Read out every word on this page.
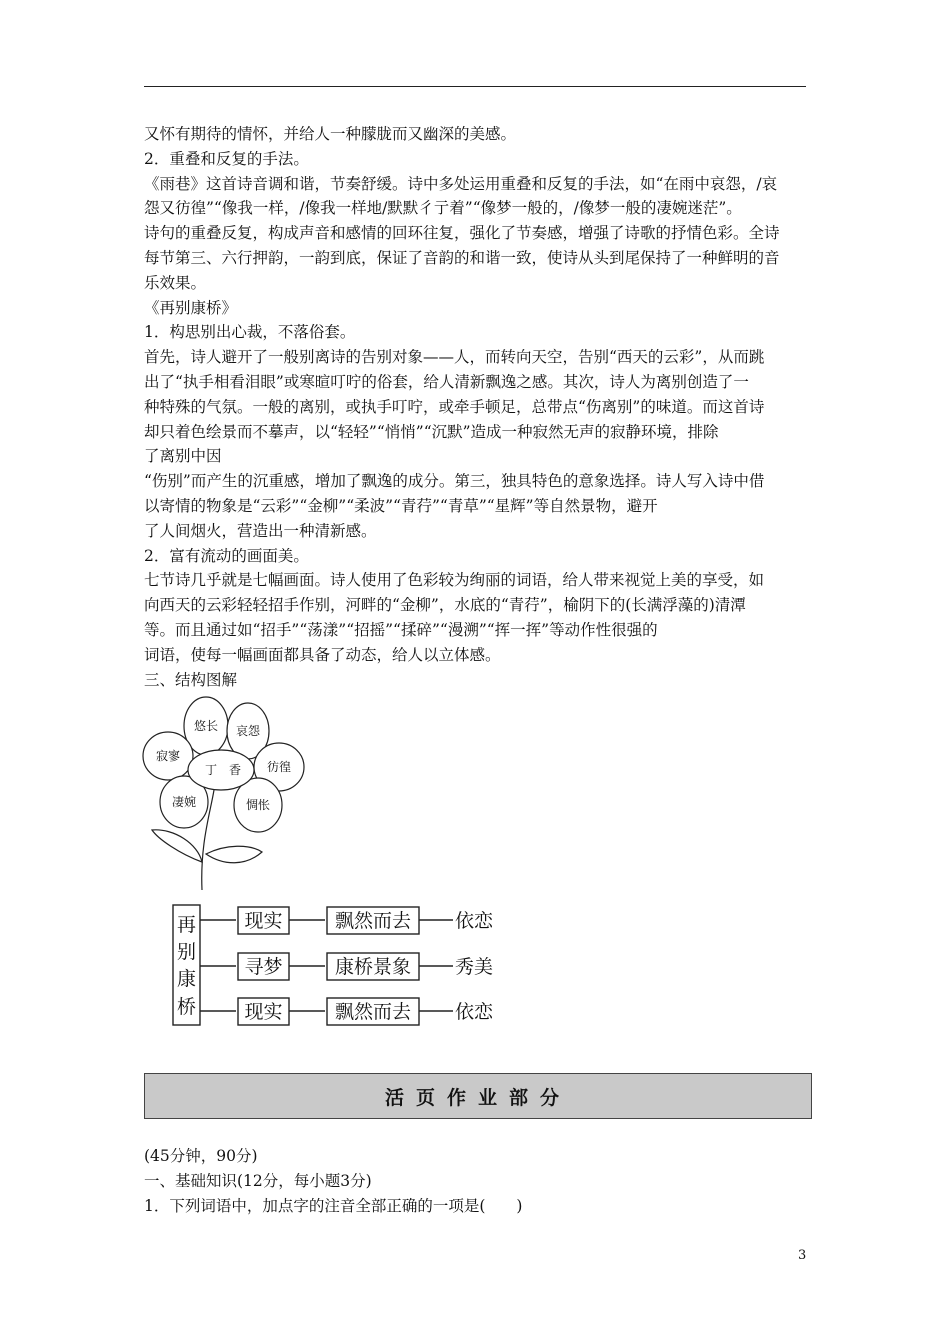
又怀有期待的情怀，并给人一种朦胧而又幽深的美感。

2．重叠和反复的手法。

《雨巷》这首诗音调和谐，节奏舒缓。诗中多处运用重叠和反复的手法，如“在雨中哀怨，/哀

怨又彷徨”“像我一样，/像我一样地/默默彳亍着”“像梦一般的，/像梦一般的凄婉迷茫”。

诗句的重叠反复，构成声音和感情的回环往复，强化了节奏感，增强了诗歌的抒情色彩。全诗

每节第三、六行押韵，一韵到底，保证了音韵的和谐一致，使诗从头到尾保持了一种鲜明的音

乐效果。

《再别康桥》

1．构思别出心裁，不落俗套。

首先，诗人避开了一般别离诗的告别对象——人，而转向天空，告别“西天的云彩”，从而跳

出了“执手相看泪眼”或寒暄叮咛的俗套，给人清新飘逸之感。其次，诗人为离别创造了一

种特殊的气氛。一般的离别，或执手叮咛，或牵手顿足，总带点“伤离别”的味道。而这首诗

却只着色绘景而不摹声，以“轻轻”“悄悄”“沉默”造成一种寂然无声的寂静环境，排除

了离别中因

“伤别”而产生的沉重感，增加了飘逸的成分。第三，独具特色的意象选择。诗人写入诗中借

以寄情的物象是“云彩”“金柳”“柔波”“青荇”“青草”“星辉”等自然景物，避开

了人间烟火，营造出一种清新感。

2．富有流动的画面美。

七节诗几乎就是七幅画面。诗人使用了色彩较为绚丽的词语，给人带来视觉上美的享受，如

向西天的云彩轻轻招手作别，河畔的“金柳”，水底的“青荇”，榆阴下的(长满浮藻的)清潭

等。而且通过如“招手”“荡漾”“招摇”“揉碎”“漫溯”“挥一挥”等动作性很强的

词语，使每一幅画面都具备了动态，给人以立体感。

三、结构图解

悠长 哀怨
寂寥
彷徨
凄婉	惆怅
丁　香
再
别
康
桥
现实
寻梦
现实
飘然而去
康桥景象
飘然而去
依恋
秀美
依恋
活页作业部分

(45分钟，90分)

一、基础知识(12分，每小题3分)

1．下列词语中，加点字的注音全部正确的一项是(　　)

3
